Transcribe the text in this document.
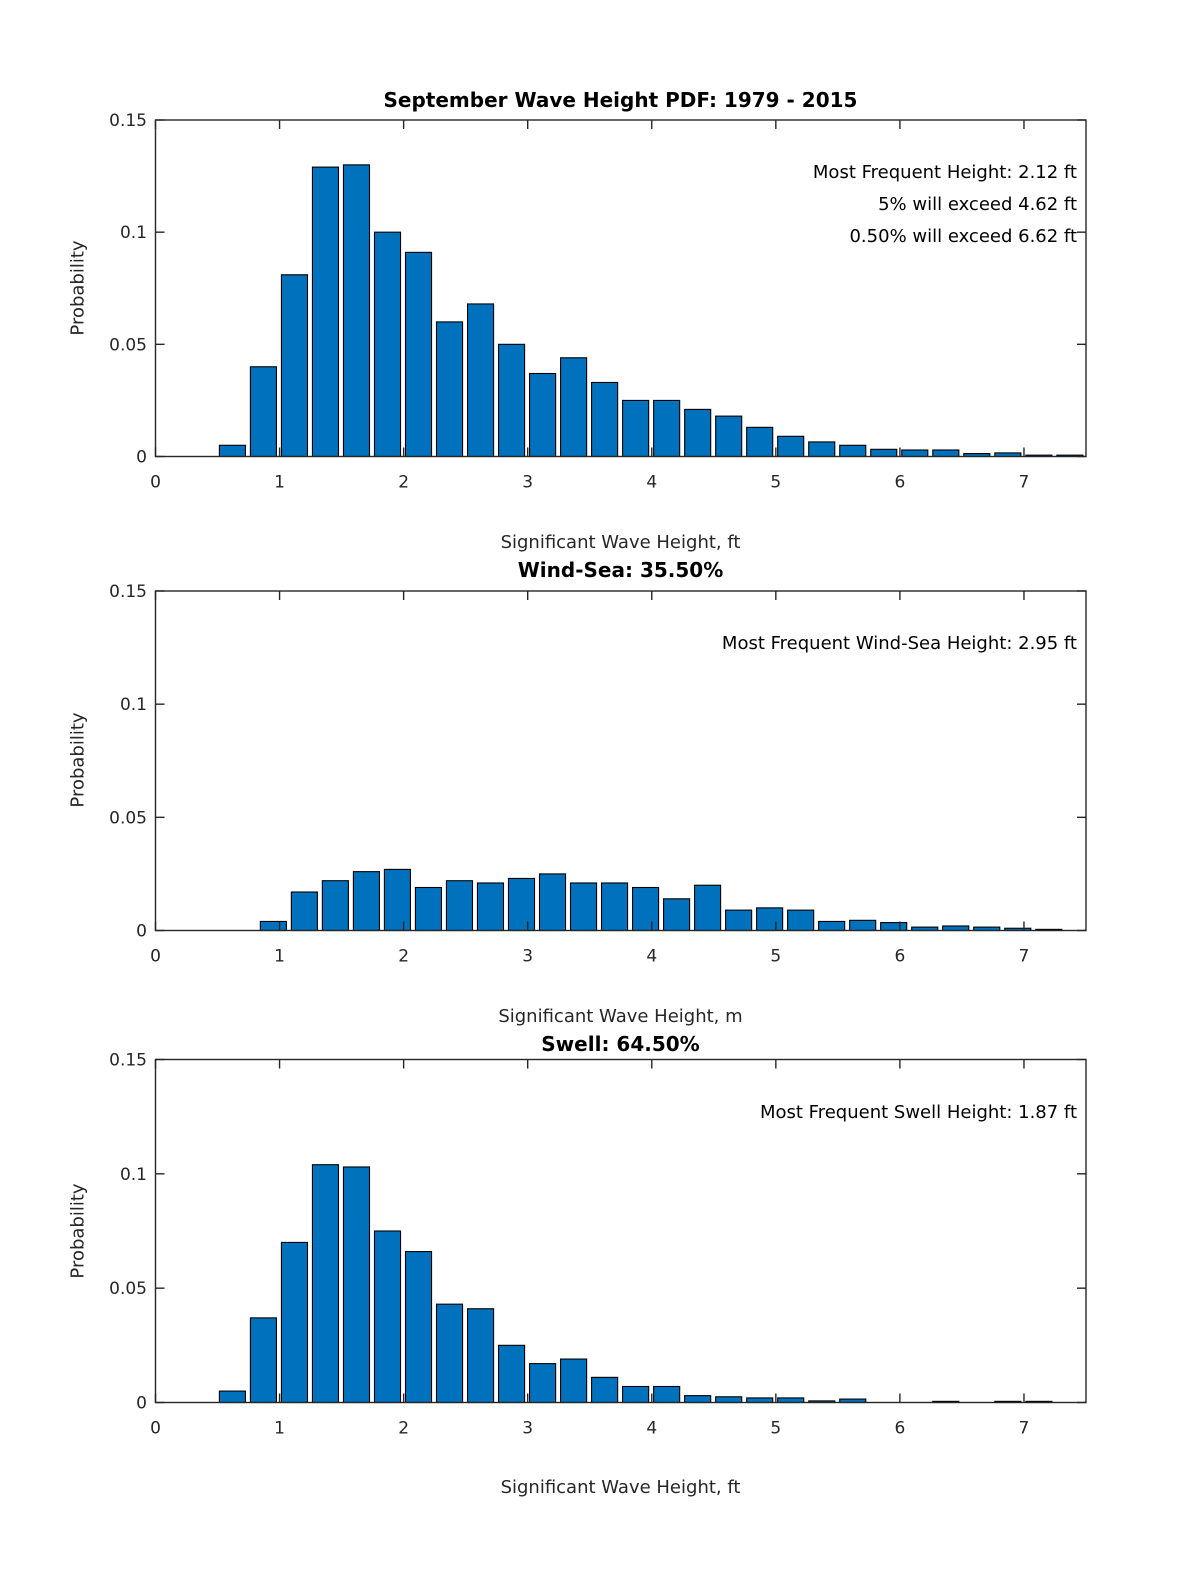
0	1	2	3	4	5	6	7
0
0.05
0.1
0.15
0	1	2	3	4	5	6	7
0
0.05
0.1
0.15
0	1	2	3	4	5	6	7
0
0.05
0.1
0.15
September Wave Height PDF: 1979 - 2015
Most Frequent Height: 2.12 ft
5% will exceed 4.62 ft
0.50% will exceed 6.62 ft
Probability
Significant Wave Height, ft
Wind-Sea: 35.50%
Most Frequent Wind-Sea Height: 2.95 ft
Probability
Significant Wave Height, m
Swell: 64.50%
Most Frequent Swell Height: 1.87 ft
Probability
Significant Wave Height, ft
